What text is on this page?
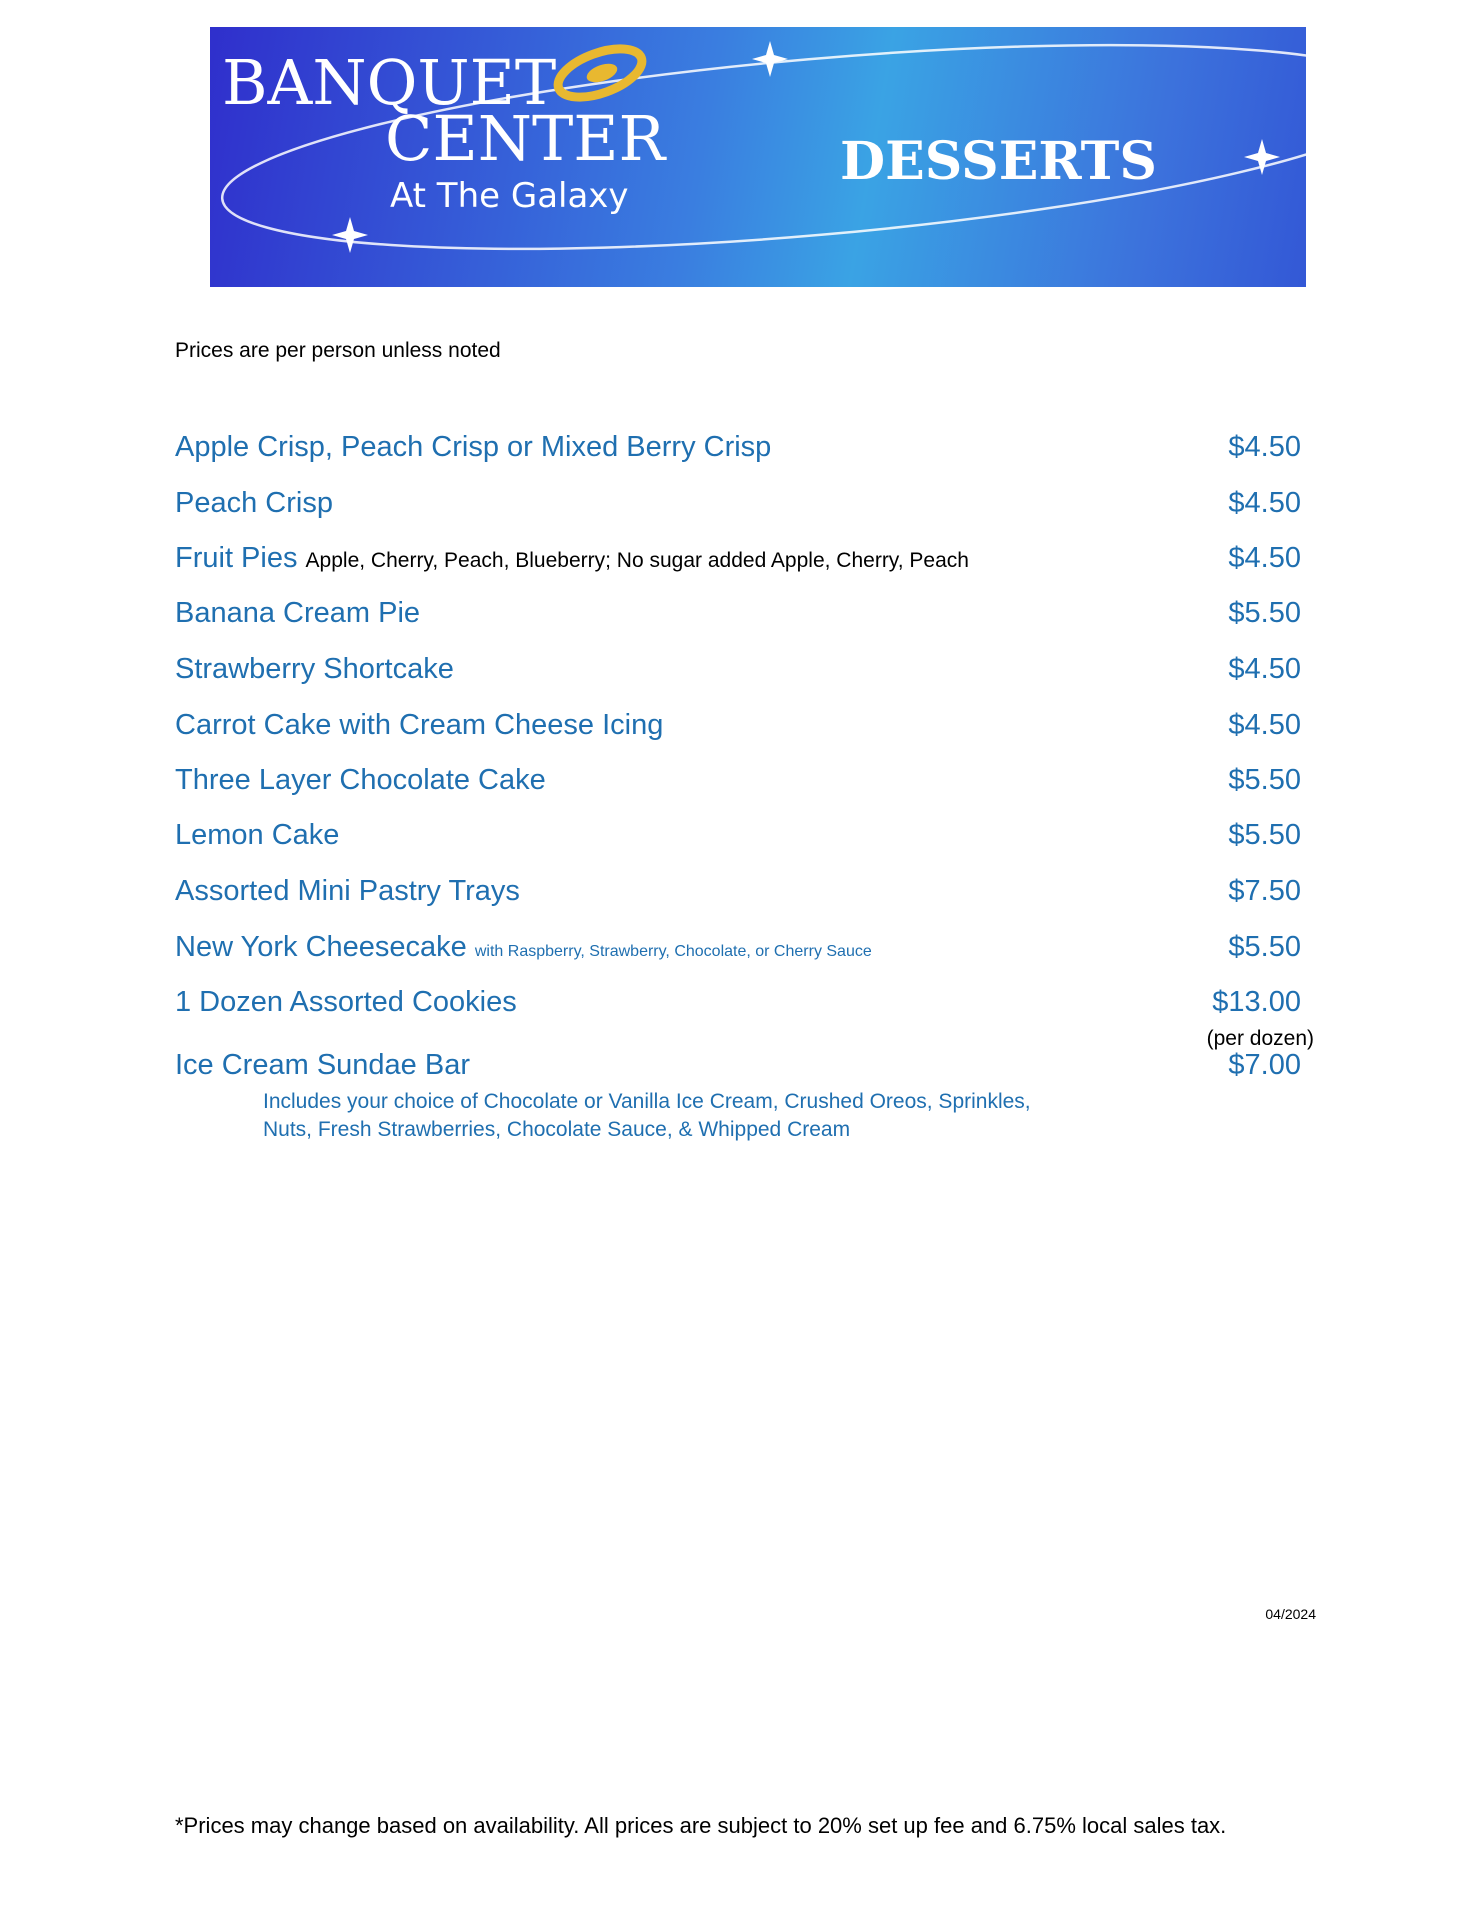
BANQUET
CENTER
At The Galaxy
DESSERTS
Prices are per person unless noted
Apple Crisp, Peach Crisp or Mixed Berry Crisp	$4.50
Peach Crisp	$4.50
Fruit Pies Apple, Cherry, Peach, Blueberry; No sugar added Apple, Cherry, Peach	$4.50
Banana Cream Pie	$5.50
Strawberry Shortcake	$4.50
Carrot Cake with Cream Cheese Icing	$4.50
Three Layer Chocolate Cake	$5.50
Lemon Cake	$5.50
Assorted Mini Pastry Trays	$7.50
New York Cheesecake with Raspberry, Strawberry, Chocolate, or Cherry Sauce	$5.50
1 Dozen Assorted Cookies	$13.00
(per dozen)
Ice Cream Sundae Bar	$7.00
Includes your choice of Chocolate or Vanilla Ice Cream, Crushed Oreos, Sprinkles,
Nuts, Fresh Strawberries, Chocolate Sauce, & Whipped Cream
04/2024
*Prices may change based on availability. All prices are subject to 20% set up fee and 6.75% local sales tax.
